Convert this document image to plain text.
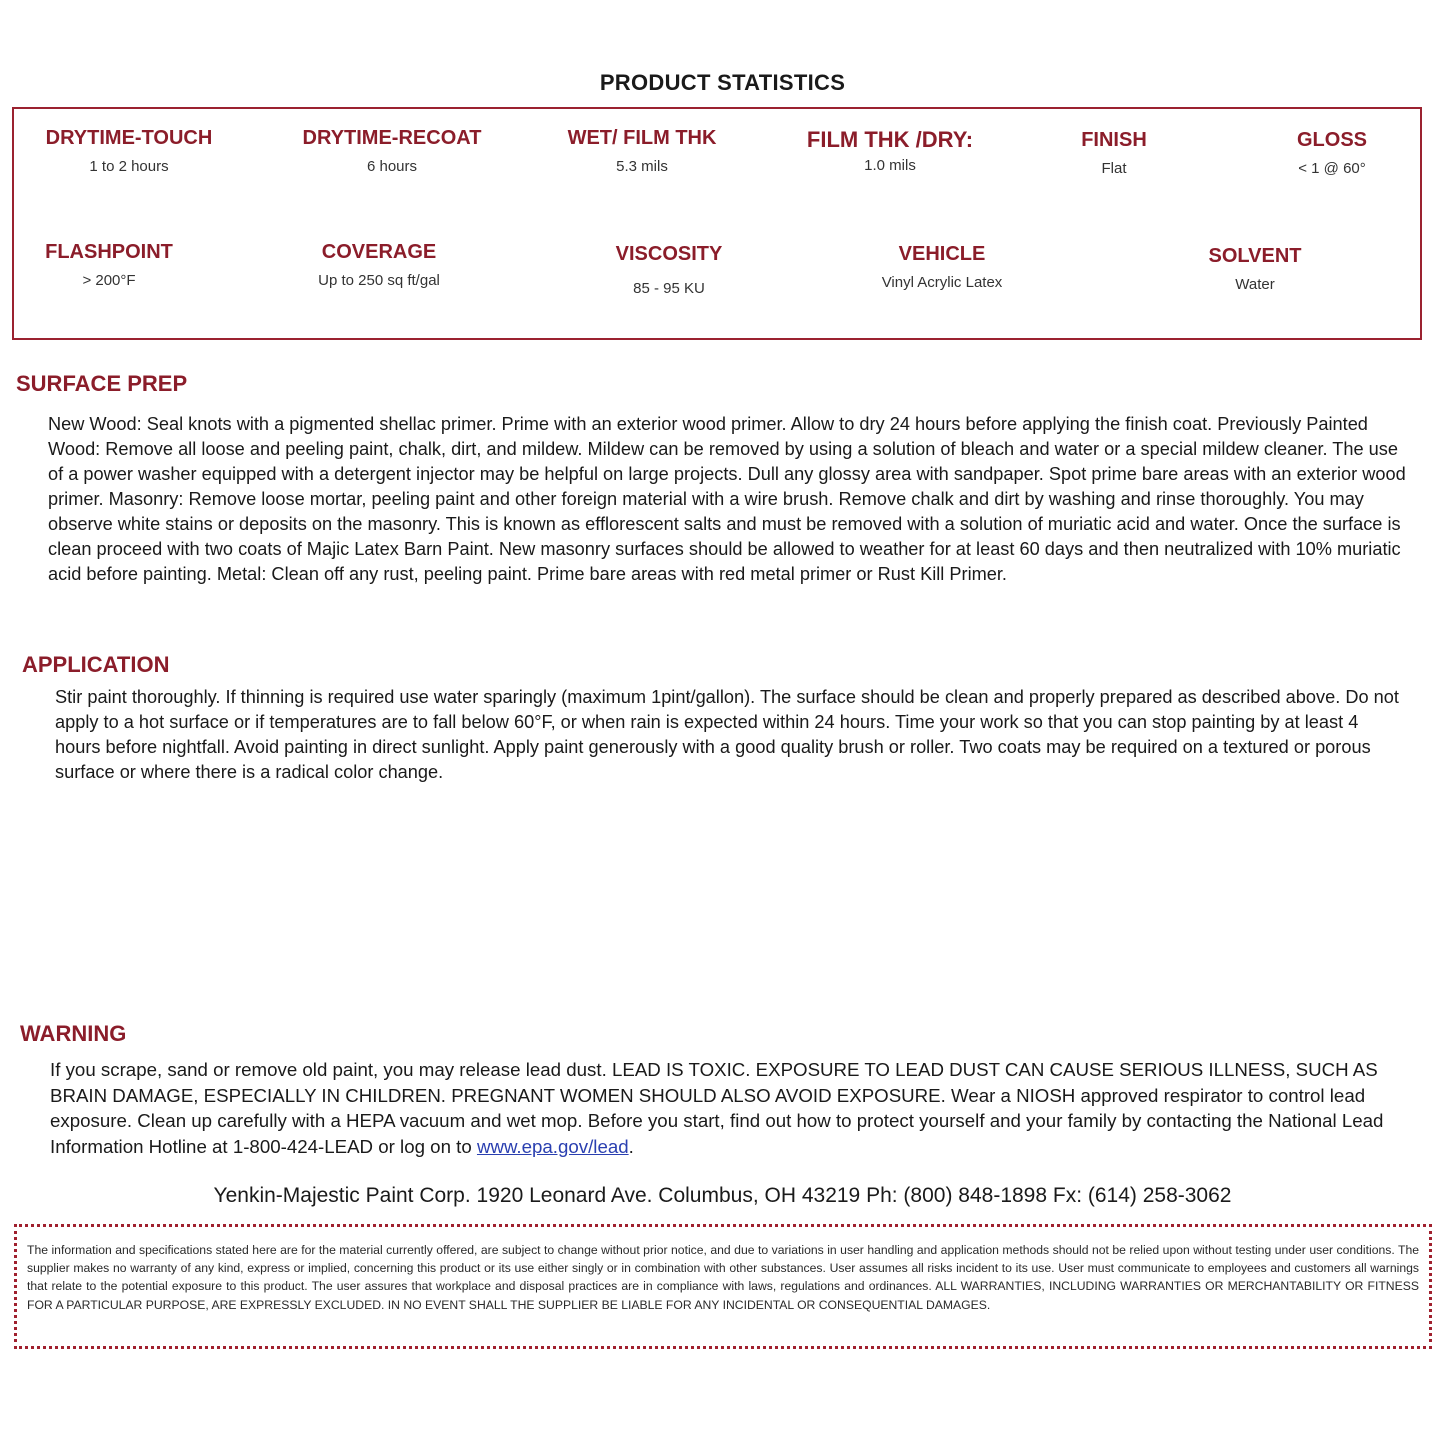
PRODUCT STATISTICS
DRYTIME-TOUCH
1 to 2 hours
DRYTIME-RECOAT
6 hours
WET/ FILM THK
5.3 mils
FILM THK /DRY:
1.0 mils
FINISH
Flat
GLOSS
< 1 @ 60°
FLASHPOINT
> 200°F
COVERAGE
Up to 250 sq ft/gal
VISCOSITY
85 - 95 KU
VEHICLE
Vinyl Acrylic Latex
SOLVENT
Water
SURFACE PREP
New Wood: Seal knots with a pigmented shellac primer. Prime with an exterior wood primer. Allow to dry 24 hours before applying the finish coat. Previously Painted Wood: Remove all loose and peeling paint, chalk, dirt, and mildew. Mildew can be removed by using a solution of bleach and water or a special mildew cleaner. The use of a power washer equipped with a detergent injector may be helpful on large projects. Dull any glossy area with sandpaper. Spot prime bare areas with an exterior wood primer. Masonry: Remove loose mortar, peeling paint and other foreign material with a wire brush. Remove chalk and dirt by washing and rinse thoroughly. You may observe white stains or deposits on the masonry. This is known as efflorescent salts and must be removed with a solution of muriatic acid and water. Once the surface is clean proceed with two coats of Majic Latex Barn Paint. New masonry surfaces should be allowed to weather for at least 60 days and then neutralized with 10% muriatic acid before painting. Metal: Clean off any rust, peeling paint. Prime bare areas with red metal primer or Rust Kill Primer.
APPLICATION
Stir paint thoroughly. If thinning is required use water sparingly (maximum 1pint/gallon). The surface should be clean and properly prepared as described above. Do not apply to a hot surface or if temperatures are to fall below 60°F, or when rain is expected within 24 hours. Time your work so that you can stop painting by at least 4 hours before nightfall. Avoid painting in direct sunlight. Apply paint generously with a good quality brush or roller. Two coats may be required on a textured or porous surface or where there is a radical color change.
WARNING
If you scrape, sand or remove old paint, you may release lead dust. LEAD IS TOXIC. EXPOSURE TO LEAD DUST CAN CAUSE SERIOUS ILLNESS, SUCH AS BRAIN DAMAGE, ESPECIALLY IN CHILDREN. PREGNANT WOMEN SHOULD ALSO AVOID EXPOSURE. Wear a NIOSH approved respirator to control lead exposure. Clean up carefully with a HEPA vacuum and wet mop. Before you start, find out how to protect yourself and your family by contacting the National Lead Information Hotline at 1-800-424-LEAD or log on to www.epa.gov/lead.
Yenkin-Majestic Paint Corp. 1920 Leonard Ave. Columbus, OH 43219 Ph: (800) 848-1898 Fx: (614) 258-3062
The information and specifications stated here are for the material currently offered, are subject to change without prior notice, and due to variations in user handling and application methods should not be relied upon without testing under user conditions. The supplier makes no warranty of any kind, express or implied, concerning this product or its use either singly or in combination with other substances. User assumes all risks incident to its use. User must communicate to employees and customers all warnings that relate to the potential exposure to this product. The user assures that workplace and disposal practices are in compliance with laws, regulations and ordinances. ALL WARRANTIES, INCLUDING WARRANTIES OR MERCHANTABILITY OR FITNESS FOR A PARTICULAR PURPOSE, ARE EXPRESSLY EXCLUDED. IN NO EVENT SHALL THE SUPPLIER BE LIABLE FOR ANY INCIDENTAL OR CONSEQUENTIAL DAMAGES.
